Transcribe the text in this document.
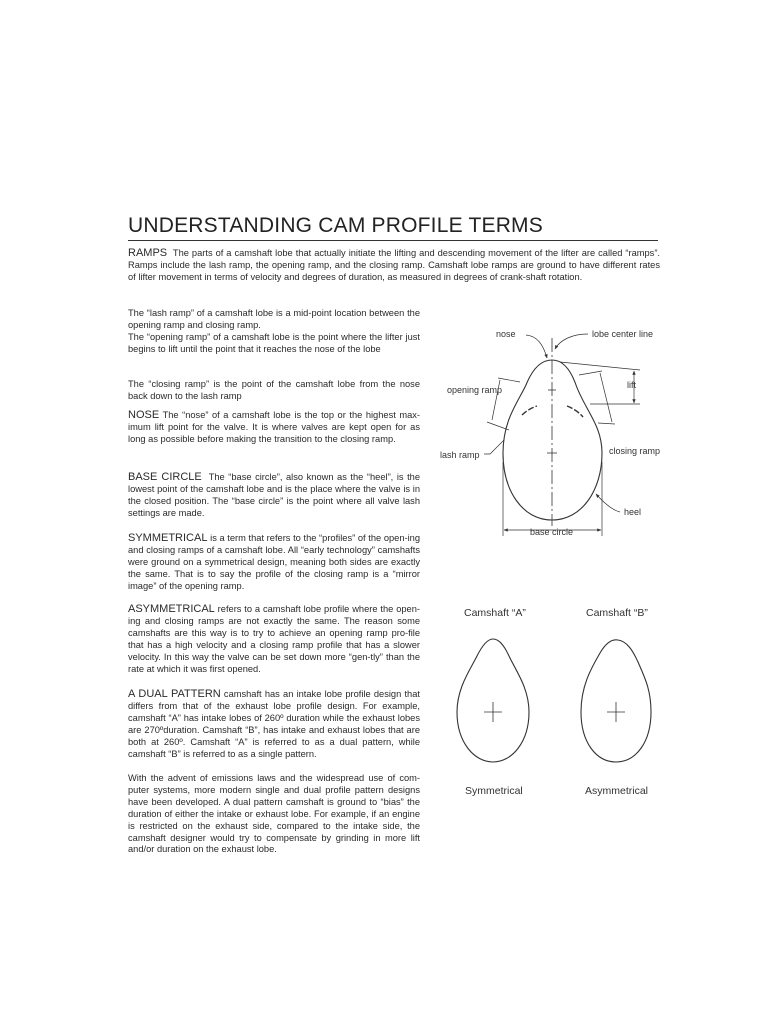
UNDERSTANDING CAM PROFILE TERMS
RAMPS The parts of a camshaft lobe that actually initiate the lifting and descending movement of the lifter are called “ramps”. Ramps include the lash ramp, the opening ramp, and the closing ramp. Camshaft lobe ramps are ground to have different rates of lifter movement in terms of velocity and degrees of duration, as measured in degrees of crank-shaft rotation.

The “lash ramp” of a camshaft lobe is a mid-point location between the opening ramp and closing ramp.

The “opening ramp” of a camshaft lobe is the point where the lifter just begins to lift until the point that it reaches the nose of the lobe

The “closing ramp” is the point of the camshaft lobe from the nose back down to the lash ramp

NOSE The “nose” of a camshaft lobe is the top or the highest max-imum lift point for the valve. It is where valves are kept open for as long as possible before making the transition to the closing ramp.
BASE CIRCLE The “base circle”, also known as the “heel”, is the lowest point of the camshaft lobe and is the place where the valve is in the closed position. The “base circle” is the point where all valve lash settings are made.
SYMMETRICAL is a term that refers to the “profiles” of the open-ing and closing ramps of a camshaft lobe. All “early technology” camshafts were ground on a symmetrical design, meaning both sides are exactly the same. That is to say the profile of the closing ramp is a “mirror image” of the opening ramp.
ASYMMETRICAL refers to a camshaft lobe profile where the open-ing and closing ramps are not exactly the same. The reason some camshafts are this way is to try to achieve an opening ramp pro-file that has a high velocity and a closing ramp profile that has a slower velocity. In this way the valve can be set down more “gen-tly” than the rate at which it was first opened.
A DUAL PATTERN camshaft has an intake lobe profile design that differs from that of the exhaust lobe profile design. For example, camshaft “A” has intake lobes of 260º duration while the exhaust lobes are 270ºduration. Camshaft “B”, has intake and exhaust lobes that are both at 260º. Camshaft “A” is referred to as a dual pattern, while camshaft “B” is referred to as a single pattern.

With the advent of emissions laws and the widespread use of com-puter systems, more modern single and dual profile pattern designs have been developed. A dual pattern camshaft is ground to “bias” the duration of either the intake or exhaust lobe. For example, if an engine is restricted on the exhaust side, compared to the intake side, the camshaft designer would try to compensate by grinding in more lift and/or duration on the exhaust lobe.

nose	lobe center line
lift
opening ramp
closing ramp
lash ramp
heel
base circle
Camshaft “A”	Camshaft “B”
Symmetrical	Asymmetrical
